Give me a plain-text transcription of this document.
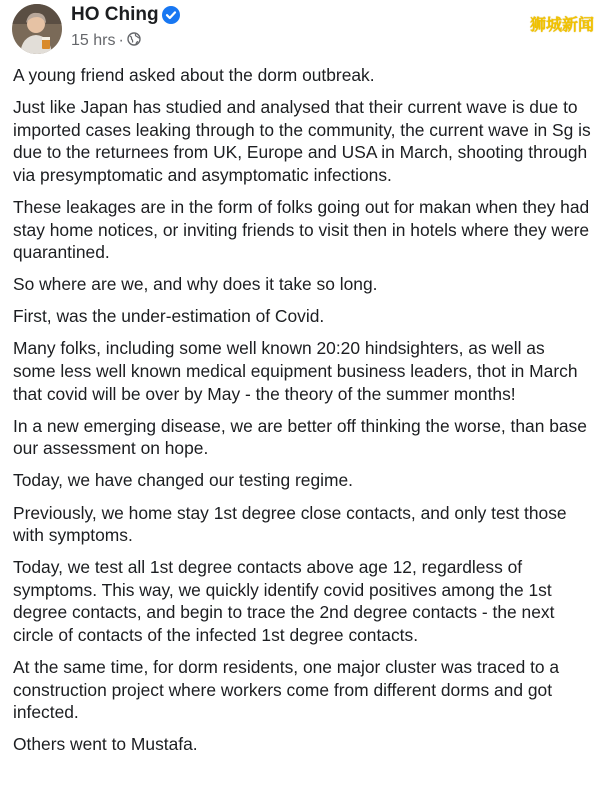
HO Ching
15 hrs ·
狮城新闻

A young friend asked about the dorm outbreak.

Just like Japan has studied and analysed that their current wave is due to imported cases leaking through to the community, the current wave in Sg is due to the returnees from UK, Europe and USA in March, shooting through via presymptomatic and asymptomatic infections.

These leakages are in the form of folks going out for makan when they had stay home notices, or inviting friends to visit then in hotels where they were quarantined.

So where are we, and why does it take so long.

First, was the under-estimation of Covid.

Many folks, including some well known 20:20 hindsighters, as well as some less well known medical equipment business leaders, thot in March that covid will be over by May - the theory of the summer months!

In a new emerging disease, we are better off thinking the worse, than base our assessment on hope.

Today, we have changed our testing regime.

Previously, we home stay 1st degree close contacts, and only test those with symptoms.

Today, we test all 1st degree contacts above age 12, regardless of symptoms. This way, we quickly identify covid positives among the 1st degree contacts, and begin to trace the 2nd degree contacts - the next circle of contacts of the infected 1st degree contacts.

At the same time, for dorm residents, one major cluster was traced to a construction project where workers come from different dorms and got infected.

Others went to Mustafa.
